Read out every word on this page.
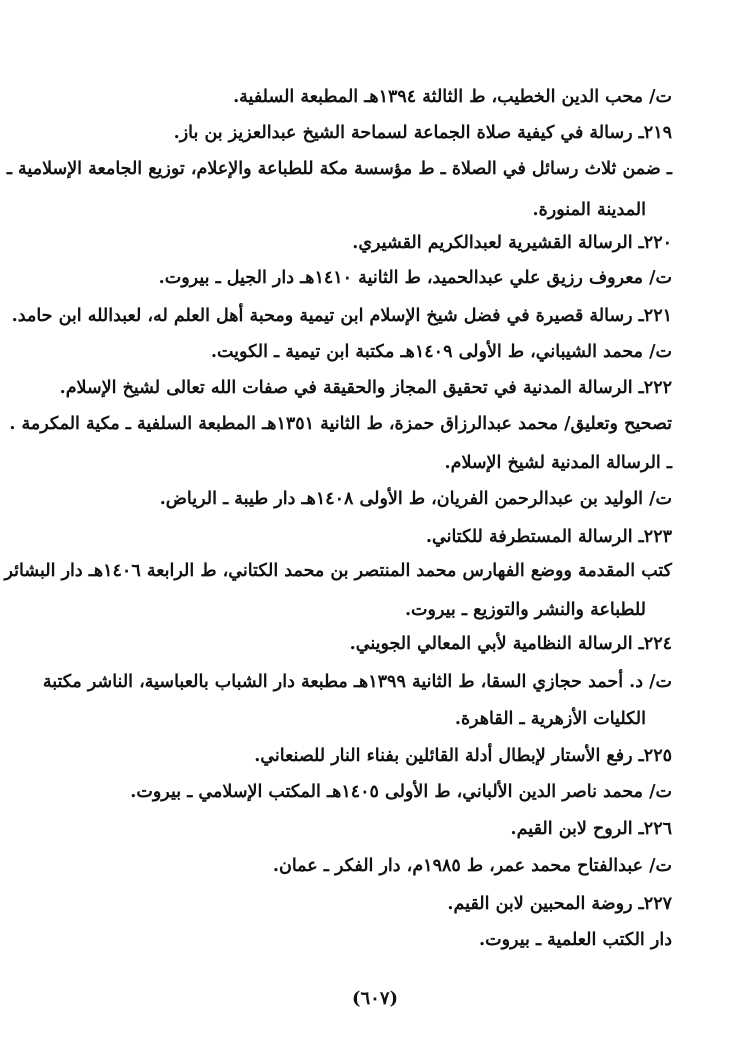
ت/ محب الدين الخطيب، ط الثالثة ١٣٩٤هـ المطبعة السلفية.
٢١٩ـ رسالة في كيفية صلاة الجماعة لسماحة الشيخ عبدالعزيز بن باز.
ـ ضمن ثلاث رسائل في الصلاة ـ ط مؤسسة مكة للطباعة والإعلام، توزيع الجامعة الإسلامية ـ
المدينة المنورة.
٢٢٠ـ الرسالة القشيرية لعبدالكريم القشيري.
ت/ معروف رزيق علي عبدالحميد، ط الثانية ١٤١٠هـ دار الجيل ـ بيروت.
٢٢١ـ رسالة قصيرة في فضل شيخ الإسلام ابن تيمية ومحبة أهل العلم له، لعبدالله ابن حامد.
ت/ محمد الشيباني، ط الأولى ١٤٠٩هـ مكتبة ابن تيمية ـ الكويت.
٢٢٢ـ الرسالة المدنية في تحقيق المجاز والحقيقة في صفات الله تعالى لشيخ الإسلام.
تصحيح وتعليق/ محمد عبدالرزاق حمزة، ط الثانية ١٣٥١هـ المطبعة السلفية ـ مكية المكرمة .
ـ الرسالة المدنية لشيخ الإسلام.
ت/ الوليد بن عبدالرحمن الفريان، ط الأولى ١٤٠٨هـ دار طيبة ـ الرياض.
٢٢٣ـ الرسالة المستطرفة للكتاني.
كتب المقدمة ووضع الفهارس محمد المنتصر بن محمد الكتاني، ط الرابعة ١٤٠٦هـ دار البشائر
للطباعة والنشر والتوزيع ـ بيروت.
٢٢٤ـ الرسالة النظامية لأبي المعالي الجويني.
ت/ د. أحمد حجازي السقا، ط الثانية ١٣٩٩هـ مطبعة دار الشباب بالعباسية، الناشر مكتبة
الكليات الأزهرية ـ القاهرة.
٢٢٥ـ رفع الأستار لإبطال أدلة القائلين بفناء النار للصنعاني.
ت/ محمد ناصر الدين الألباني، ط الأولى ١٤٠٥هـ المكتب الإسلامي ـ بيروت.
٢٢٦ـ الروح لابن القيم.
ت/ عبدالفتاح محمد عمر، ط ١٩٨٥م، دار الفكر ـ عمان.
٢٢٧ـ روضة المحبين لابن القيم.
دار الكتب العلمية ـ بيروت.
(٦٠٧)
